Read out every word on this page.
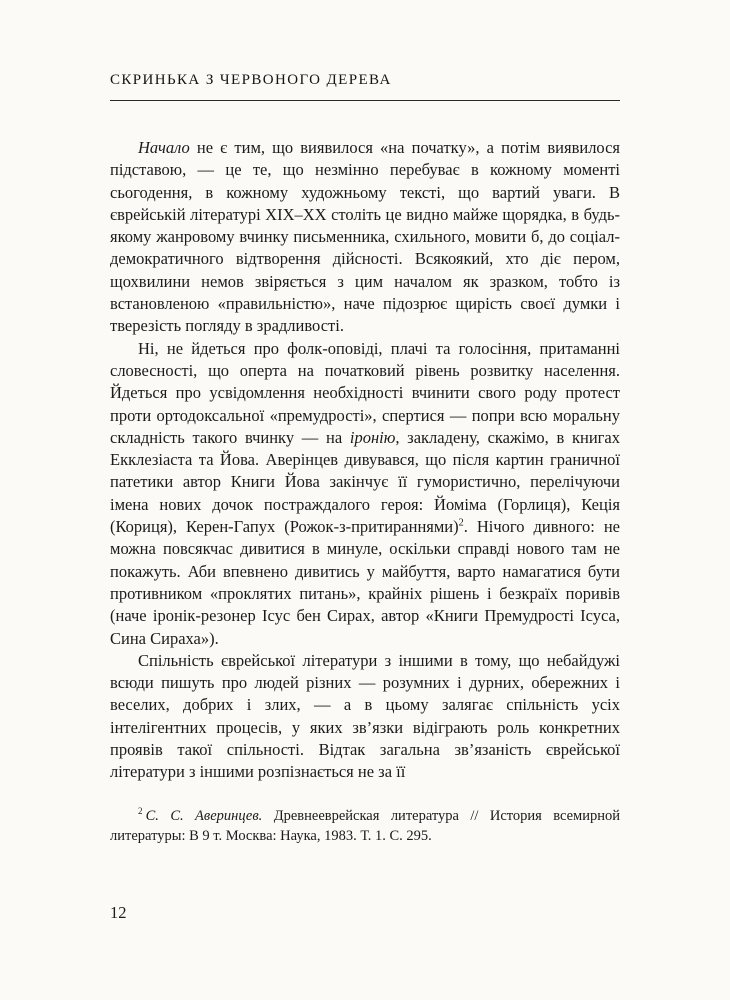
СКРИНЬКА З ЧЕРВОНОГО ДЕРЕВА

Начало не є тим, що виявилося «на початку», а потім виявилося підставою, — це те, що незмінно перебуває в кожному моменті сьогодення, в кожному художньому тексті, що вартий уваги. В єврейській літературі XIX–XX століть це видно майже щорядка, в будь-якому жанровому вчинку письменника, схильного, мовити б, до соціал-демократичного відтворення дійсності. Всякоякий, хто діє пером, щохвилини немов звіряється з цим началом як зразком, тобто із встановленою «правильністю», наче підозрює щирість своєї думки і тверезість погляду в зрадливості.

Ні, не йдеться про фолк-оповіді, плачі та голосіння, притаманні словесності, що оперта на початковий рівень розвитку населення. Йдеться про усвідомлення необхідності вчинити свого роду протест проти ортодоксальної «премудрості», спертися — попри всю моральну складність такого вчинку — на іронію, закладену, скажімо, в книгах Екклезіаста та Йова. Аверінцев дивувався, що після картин граничної патетики автор Книги Йова закінчує її гумористично, перелічуючи імена нових дочок постраждалого героя: Йоміма (Горлиця), Кеція (Кориця), Керен-Гапух (Рожок-з-притираннями)$^2$. Нічого дивного: не можна повсякчас дивитися в минуле, оскільки справді нового там не покажуть. Аби впевнено дивитись у майбуття, варто намагатися бути противником «проклятих питань», крайніх рішень і безкраїх поривів (наче іронік-резонер Ісус бен Сирах, автор «Книги Премудрості Ісуса, Сина Сираха»).

Спільність єврейської літератури з іншими в тому, що небайдужі всюди пишуть про людей різних — розумних і дурних, обережних і веселих, добрих і злих, — а в цьому залягає спільність усіх інтелігентних процесів, у яких зв’язки відіграють роль конкретних проявів такої спільності. Відтак загальна зв’язаність єврейської літератури з іншими розпізнається не за її

$^2$ С. С. Аверинцев. Древнееврейская литература // История всемирной литературы: В 9 т. Москва: Наука, 1983. Т. 1. С. 295.
12
